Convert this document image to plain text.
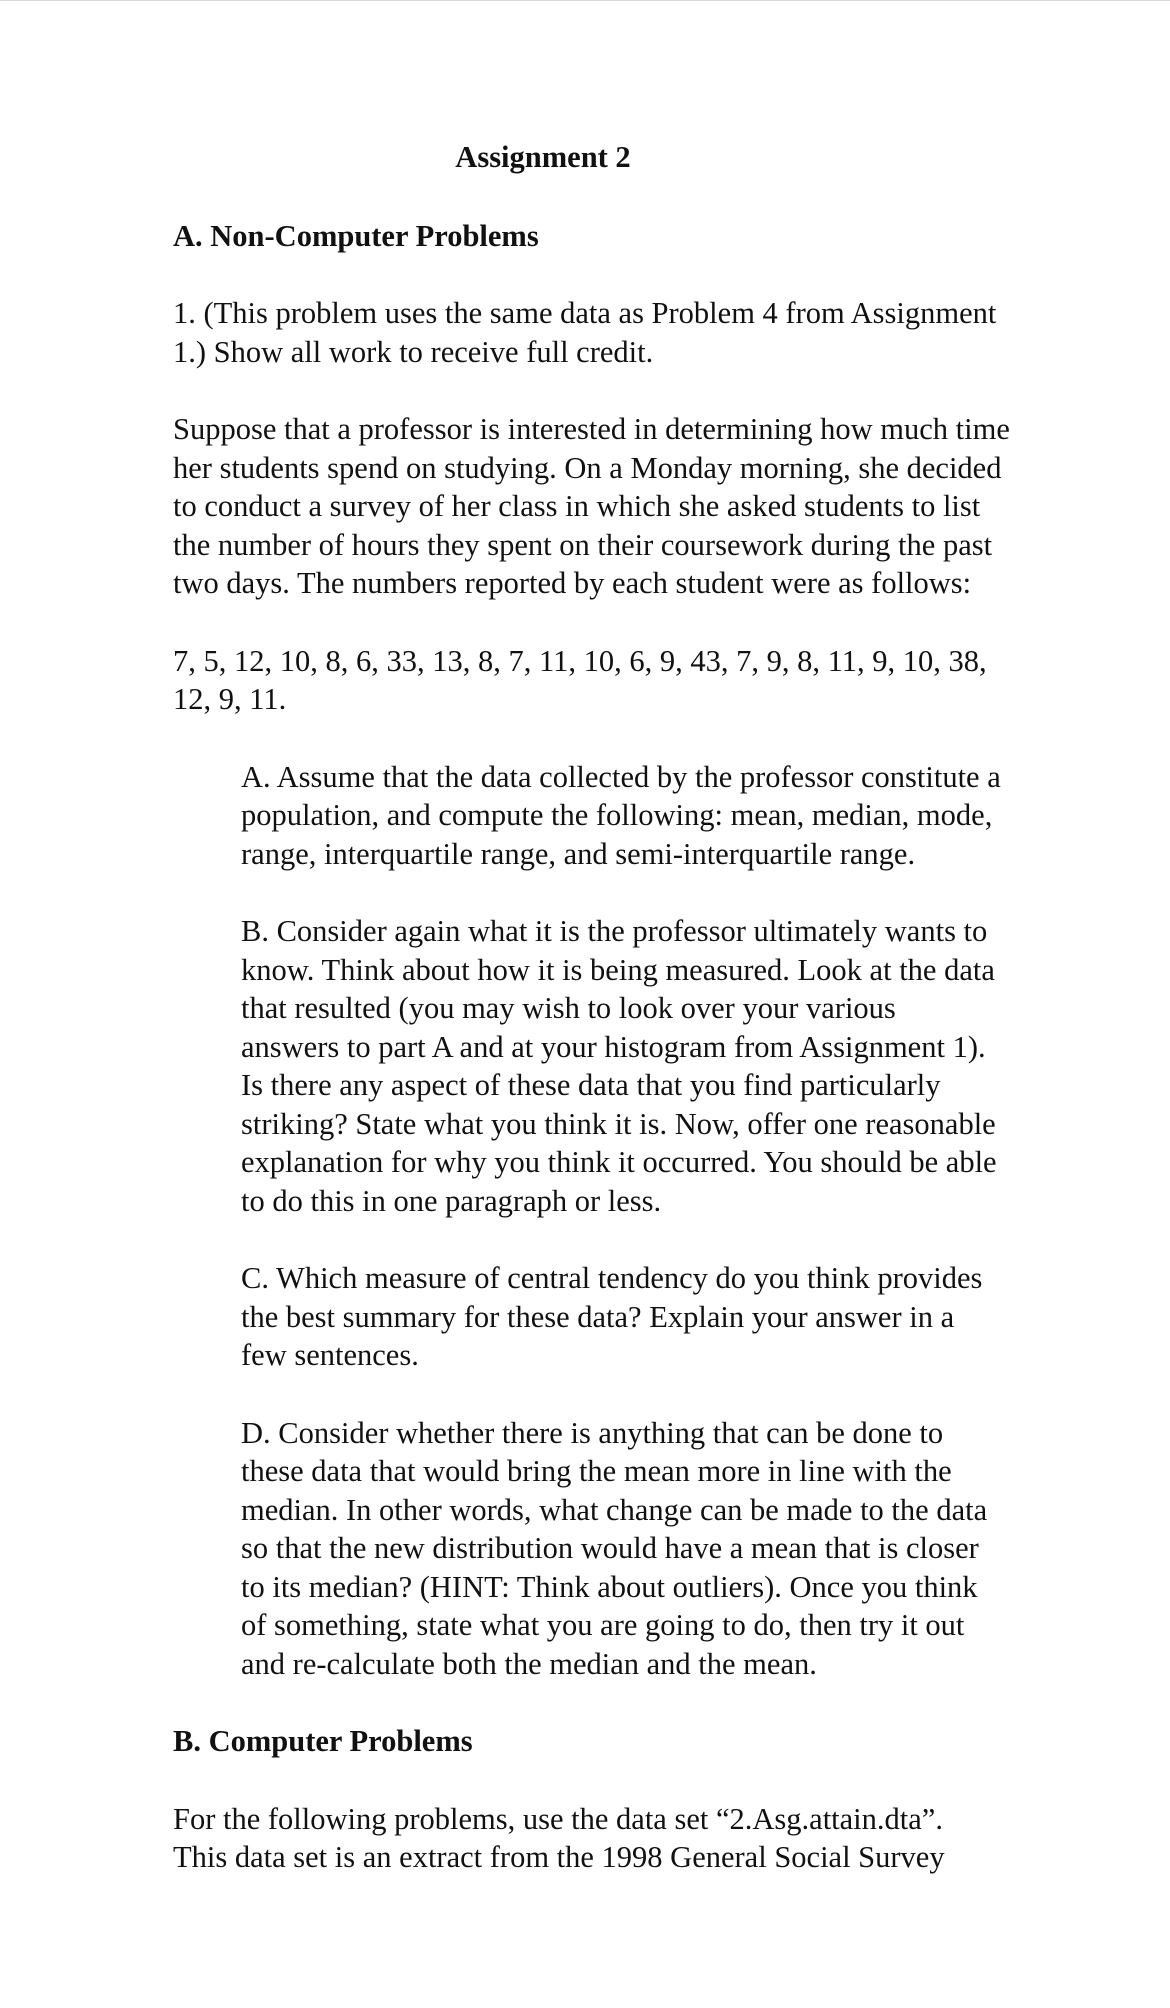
Assignment 2
A. Non-Computer Problems
1. (This problem uses the same data as Problem 4 from Assignment 1.) Show all work to receive full credit.
Suppose that a professor is interested in determining how much time her students spend on studying. On a Monday morning, she decided to conduct a survey of her class in which she asked students to list the number of hours they spent on their coursework during the past two days. The numbers reported by each student were as follows:
7, 5, 12, 10, 8, 6, 33, 13, 8, 7, 11, 10, 6, 9, 43, 7, 9, 8, 11, 9, 10, 38, 12, 9, 11.
A. Assume that the data collected by the professor constitute a population, and compute the following: mean, median, mode, range, interquartile range, and semi-interquartile range.
B. Consider again what it is the professor ultimately wants to know. Think about how it is being measured. Look at the data that resulted (you may wish to look over your various answers to part A and at your histogram from Assignment 1). Is there any aspect of these data that you find particularly striking? State what you think it is. Now, offer one reasonable explanation for why you think it occurred. You should be able to do this in one paragraph or less.
C. Which measure of central tendency do you think provides the best summary for these data? Explain your answer in a few sentences.
D. Consider whether there is anything that can be done to these data that would bring the mean more in line with the median. In other words, what change can be made to the data so that the new distribution would have a mean that is closer to its median? (HINT: Think about outliers). Once you think of something, state what you are going to do, then try it out and re-calculate both the median and the mean.
B. Computer Problems
For the following problems, use the data set “2.Asg.attain.dta”.
This data set is an extract from the 1998 General Social Survey
